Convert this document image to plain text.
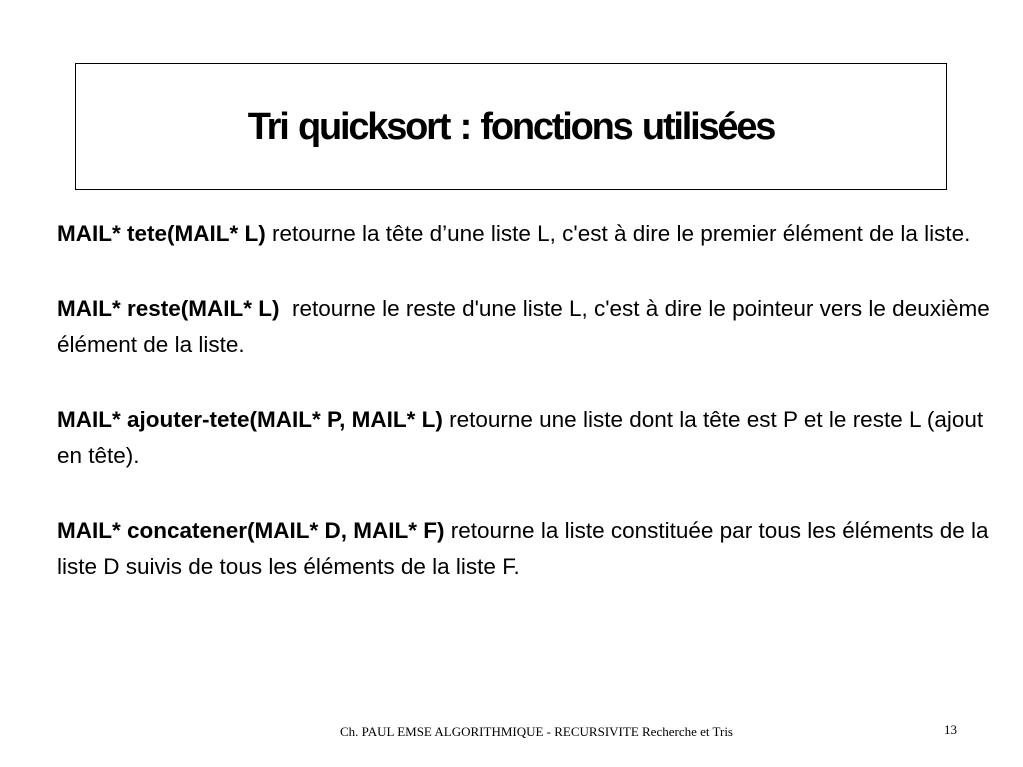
Tri quicksort : fonctions utilisées

MAIL* tete(MAIL* L) retourne la tête d’une liste L, c'est à dire le premier élément de la liste.

MAIL* reste(MAIL* L)  retourne le reste d'une liste L, c'est à dire le pointeur vers le deuxième élément de la liste.

MAIL* ajouter-tete(MAIL* P, MAIL* L) retourne une liste dont la tête est P et le reste L (ajout en tête).

MAIL* concatener(MAIL* D, MAIL* F) retourne la liste constituée par tous les éléments de la liste D suivis de tous les éléments de la liste F.

Ch. PAUL EMSE ALGORITHMIQUE - RECURSIVITE Recherche et Tris	13
